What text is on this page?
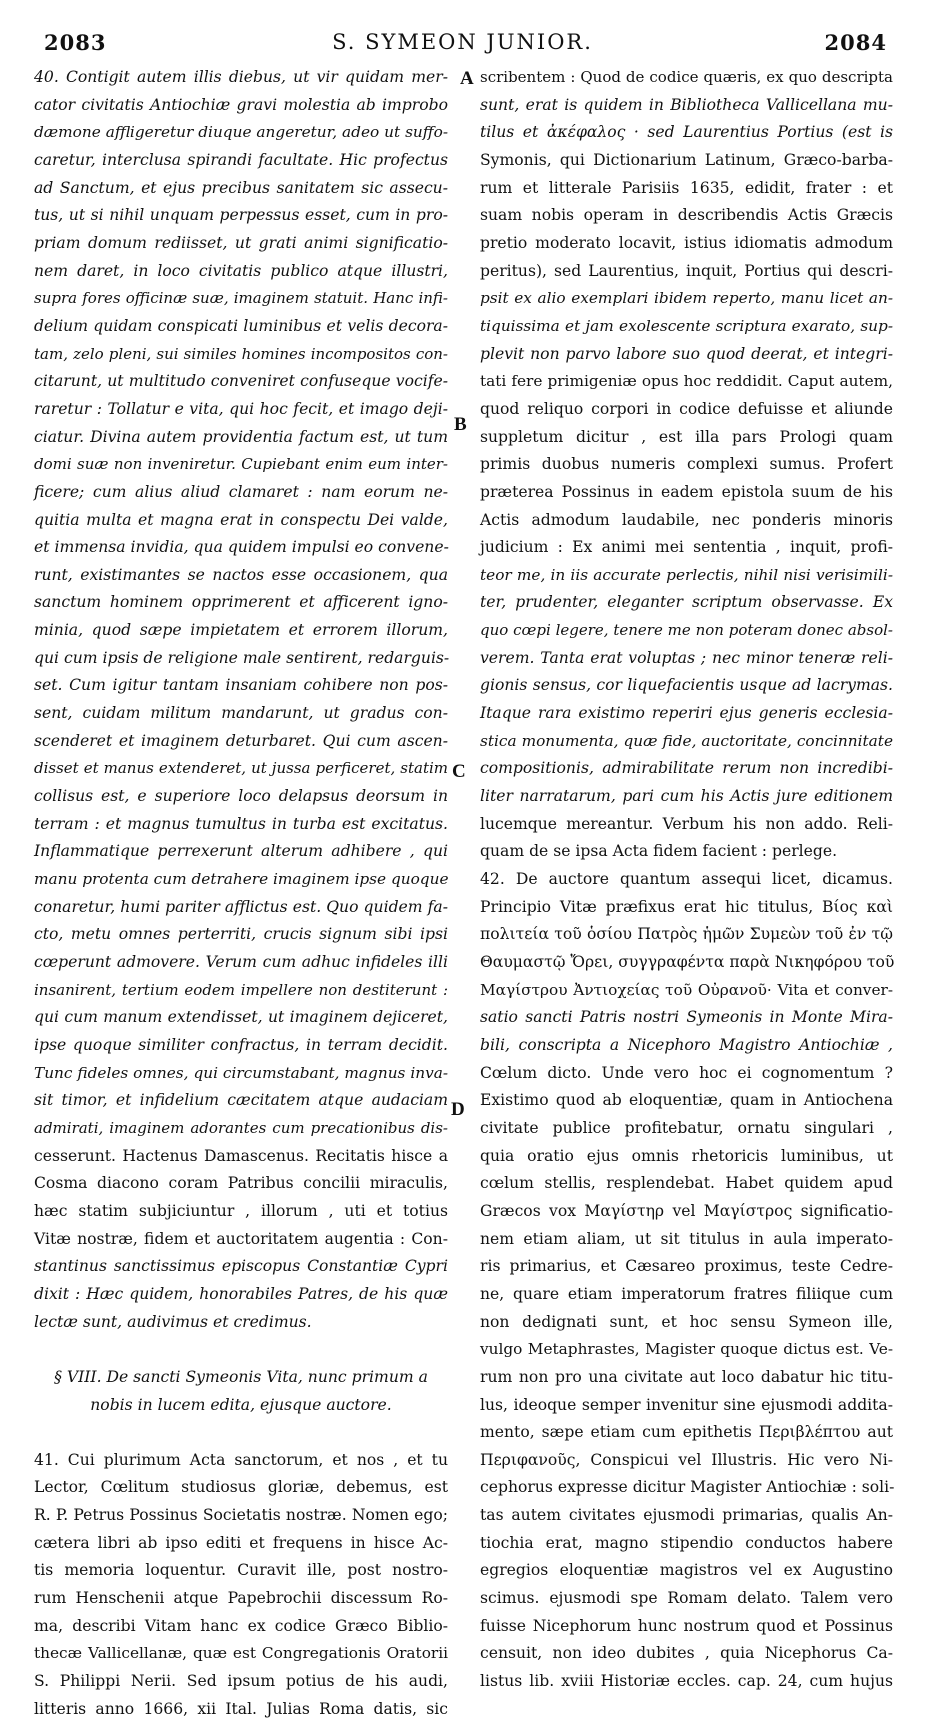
2083	S. SYMEON JUNIOR.	2084
40. Contigit autem illis diebus, ut vir quidam mer-
cator civitatis Antiochiæ gravi molestia ab improbo
dæmone affligeretur diuque angeretur, adeo ut suffo-
caretur, interclusa spirandi facultate. Hic profectus
ad Sanctum, et ejus precibus sanitatem sic assecu-
tus, ut si nihil unquam perpessus esset, cum in pro-
priam domum rediisset, ut grati animi significatio-
nem daret, in loco civitatis publico atque illustri,
supra fores officinæ suæ, imaginem statuit. Hanc infi-
delium quidam conspicati luminibus et velis decora-
tam, zelo pleni, sui similes homines incompositos con-
citarunt, ut multitudo conveniret confuseque vocife-
raretur : Tollatur e vita, qui hoc fecit, et imago deji-
ciatur. Divina autem providentia factum est, ut tum
domi suæ non inveniretur. Cupiebant enim eum inter-
ficere; cum alius aliud clamaret : nam eorum ne-
quitia multa et magna erat in conspectu Dei valde,
et immensa invidia, qua quidem impulsi eo convene-
runt, existimantes se nactos esse occasionem, qua
sanctum hominem opprimerent et afficerent igno-
minia, quod sæpe impietatem et errorem illorum,
qui cum ipsis de religione male sentirent, redarguis-
set. Cum igitur tantam insaniam cohibere non pos-
sent, cuidam militum mandarunt, ut gradus con-
scenderet et imaginem deturbaret. Qui cum ascen-
disset et manus extenderet, ut jussa perficeret, statim
collisus est, e superiore loco delapsus deorsum in
terram : et magnus tumultus in turba est excitatus.
Inflammatique perrexerunt alterum adhibere , qui
manu protenta cum detrahere imaginem ipse quoque
conaretur, humi pariter afflictus est. Quo quidem fa-
cto, metu omnes perterriti, crucis signum sibi ipsi
cœperunt admovere. Verum cum adhuc infideles illi
insanirent, tertium eodem impellere non destiterunt :
qui cum manum extendisset, ut imaginem dejiceret,
ipse quoque similiter confractus, in terram decidit.
Tunc fideles omnes, qui circumstabant, magnus inva-
sit timor, et infidelium cæcitatem atque audaciam
admirati, imaginem adorantes cum precationibus dis-
cesserunt. Hactenus Damascenus. Recitatis hisce a
Cosma diacono coram Patribus concilii miraculis,
hæc statim subjiciuntur , illorum , uti et totius
Vitæ nostræ, fidem et auctoritatem augentia : Con-
stantinus sanctissimus episcopus Constantiæ Cypri
dixit : Hæc quidem, honorabiles Patres, de his quæ
lectæ sunt, audivimus et credimus.
§ VIII. De sancti Symeonis Vita, nunc primum a
nobis in lucem edita, ejusque auctore.
41. Cui plurimum Acta sanctorum, et nos , et tu
Lector, Cœlitum studiosus gloriæ, debemus, est
R. P. Petrus Possinus Societatis nostræ. Nomen ego;
cætera libri ab ipso editi et frequens in hisce Ac-
tis memoria loquentur. Curavit ille, post nostro-
rum Henschenii atque Papebrochii discessum Ro-
ma, describi Vitam hanc ex codice Græco Biblio-
thecæ Vallicellanæ, quæ est Congregationis Oratorii
S. Philippi Nerii. Sed ipsum potius de his audi,
litteris anno 1666, xii Ital. Julias Roma datis, sic
scribentem : Quod de codice quæris, ex quo descripta
sunt, erat is quidem in Bibliotheca Vallicellana mu-
tilus et ἀκέφαλος · sed Laurentius Portius (est is
Symonis, qui Dictionarium Latinum, Græco-barba-
rum et litterale Parisiis 1635, edidit, frater : et
suam nobis operam in describendis Actis Græcis
pretio moderato locavit, istius idiomatis admodum
peritus), sed Laurentius, inquit, Portius qui descri-
psit ex alio exemplari ibidem reperto, manu licet an-
tiquissima et jam exolescente scriptura exarato, sup-
plevit non parvo labore suo quod deerat, et integri-
tati fere primigeniæ opus hoc reddidit. Caput autem,
quod reliquo corpori in codice defuisse et aliunde
suppletum dicitur , est illa pars Prologi quam
primis duobus numeris complexi sumus. Profert
præterea Possinus in eadem epistola suum de his
Actis admodum laudabile, nec ponderis minoris
judicium : Ex animi mei sententia , inquit, profi-
teor me, in iis accurate perlectis, nihil nisi verisimili-
ter, prudenter, eleganter scriptum observasse. Ex
quo cœpi legere, tenere me non poteram donec absol-
verem. Tanta erat voluptas ; nec minor teneræ reli-
gionis sensus, cor liquefacientis usque ad lacrymas.
Itaque rara existimo reperiri ejus generis ecclesia-
stica monumenta, quæ fide, auctoritate, concinnitate
compositionis, admirabilitate rerum non incredibi-
liter narratarum, pari cum his Actis jure editionem
lucemque mereantur. Verbum his non addo. Reli-
quam de se ipsa Acta fidem facient : perlege.
42. De auctore quantum assequi licet, dicamus.
Principio Vitæ præfixus erat hic titulus, Βίος καὶ
πολιτεία τοῦ ὁσίου Πατρὸς ἡμῶν Συμεὼν τοῦ ἐν τῷ
Θαυμαστῷ Ὄρει, συγγραφέντα παρὰ Νικηφόρου τοῦ
Μαγίστρου Ἀντιοχείας τοῦ Οὐρανοῦ· Vita et conver-
satio sancti Patris nostri Symeonis in Monte Mira-
bili, conscripta a Nicephoro Magistro Antiochiæ ,
Cœlum dicto. Unde vero hoc ei cognomentum ?
Existimo quod ab eloquentiæ, quam in Antiochena
civitate publice profitebatur, ornatu singulari ,
quia oratio ejus omnis rhetoricis luminibus, ut
cœlum stellis, resplendebat. Habet quidem apud
Græcos vox Μαγίστηρ vel Μαγίστρος significatio-
nem etiam aliam, ut sit titulus in aula imperato-
ris primarius, et Cæsareo proximus, teste Cedre-
ne, quare etiam imperatorum fratres filiique cum
non dedignati sunt, et hoc sensu Symeon ille,
vulgo Metaphrastes, Magister quoque dictus est. Ve-
rum non pro una civitate aut loco dabatur hic titu-
lus, ideoque semper invenitur sine ejusmodi addita-
mento, sæpe etiam cum epithetis Περιβλέπτου aut
Περιφανοῦς, Conspicui vel Illustris. Hic vero Ni-
cephorus expresse dicitur Magister Antiochiæ : soli-
tas autem civitates ejusmodi primarias, qualis An-
tiochia erat, magno stipendio conductos habere
egregios eloquentiæ magistros vel ex Augustino
scimus. ejusmodi spe Romam delato. Talem vero
fuisse Nicephorum hunc nostrum quod et Possinus
censuit, non ideo dubites , quia Nicephorus Ca-
listus lib. xviii Historiæ eccles. cap. 24, cum hujus
A
B
C
D
